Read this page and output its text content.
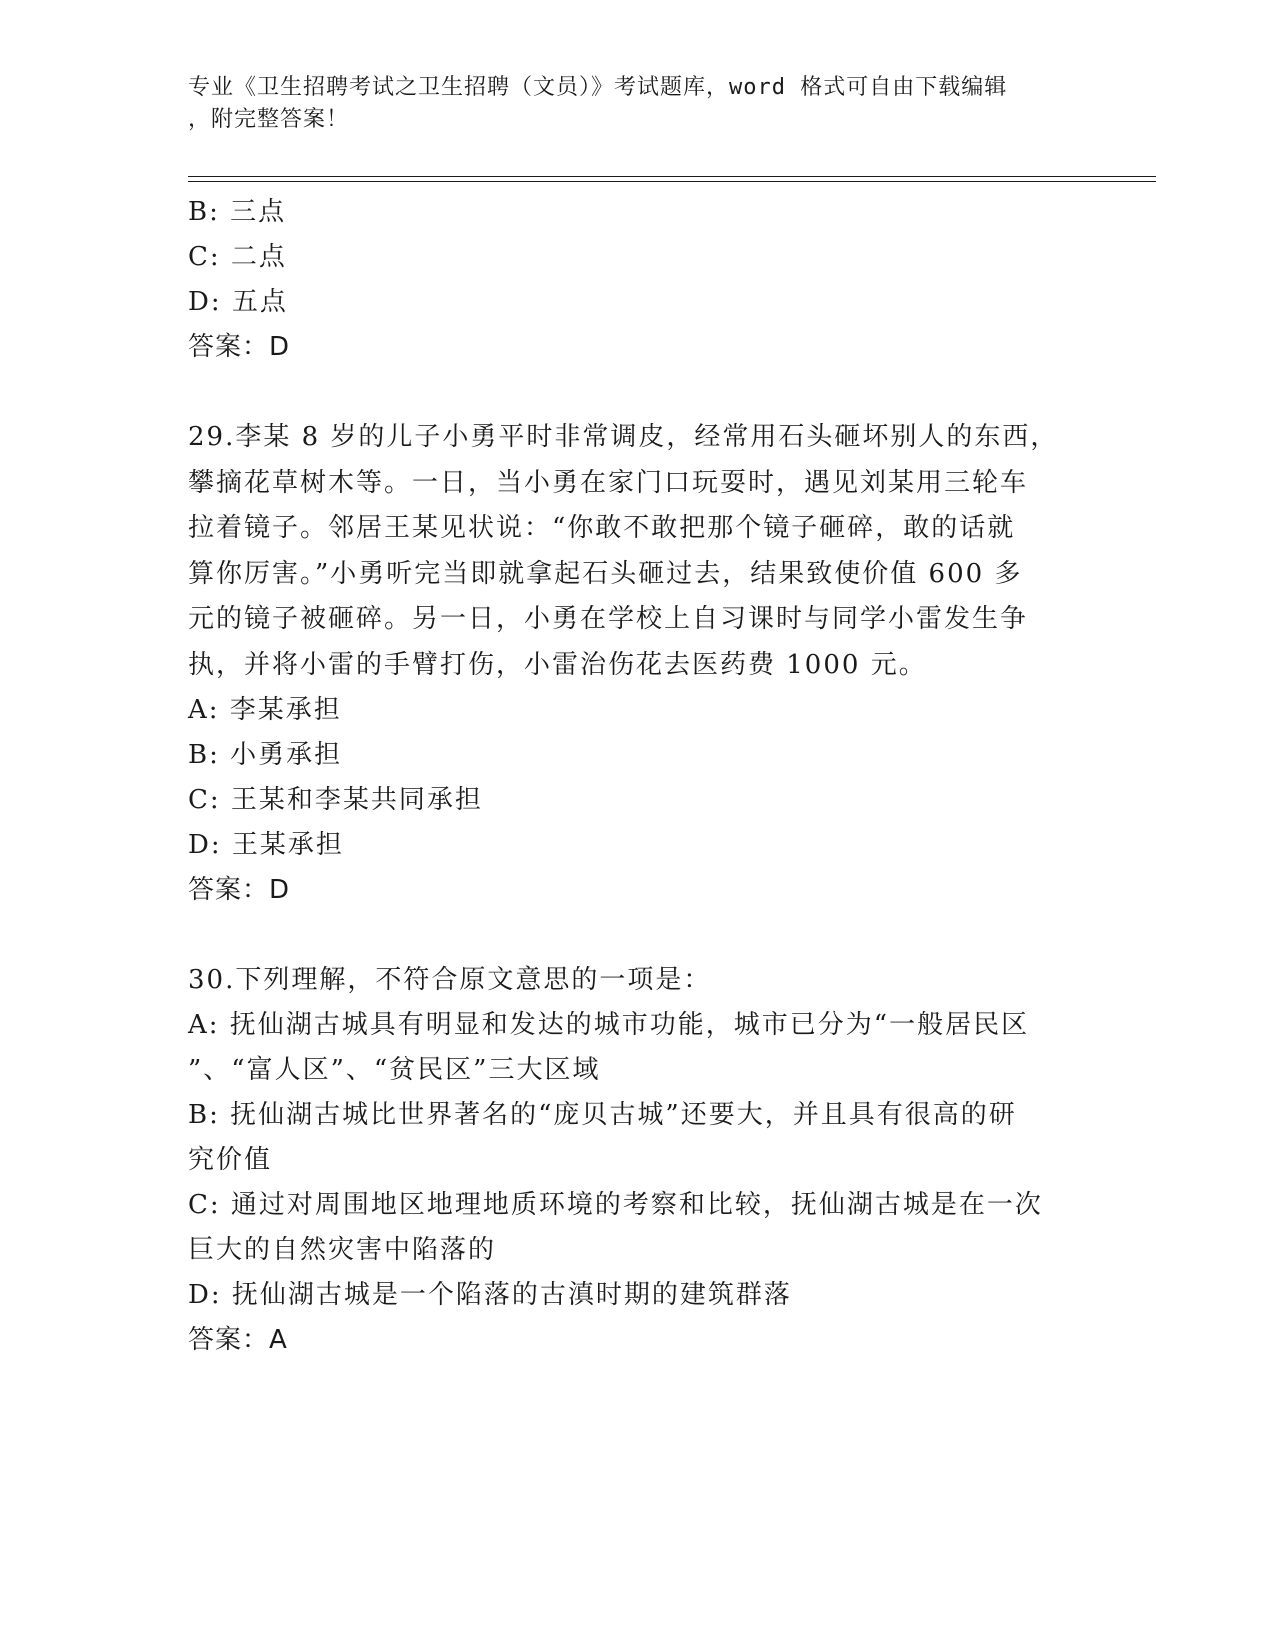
专业《卫生招聘考试之卫生招聘（文员）》考试题库，word 格式可自由下载编辑
，附完整答案！
B: 三点
C: 二点
D: 五点
答案：D
29.李某 8 岁的儿子小勇平时非常调皮，经常用石头砸坏别人的东西，
攀摘花草树木等。一日，当小勇在家门口玩耍时，遇见刘某用三轮车
拉着镜子。邻居王某见状说：“你敢不敢把那个镜子砸碎，敢的话就
算你厉害。”小勇听完当即就拿起石头砸过去，结果致使价值 600 多
元的镜子被砸碎。另一日，小勇在学校上自习课时与同学小雷发生争
执，并将小雷的手臂打伤，小雷治伤花去医药费 1000 元。
A: 李某承担
B: 小勇承担
C: 王某和李某共同承担
D: 王某承担
答案：D
30.下列理解，不符合原文意思的一项是：
A: 抚仙湖古城具有明显和发达的城市功能，城市已分为“一般居民区
”、“富人区”、“贫民区”三大区域
B: 抚仙湖古城比世界著名的“庞贝古城”还要大，并且具有很高的研
究价值
C: 通过对周围地区地理地质环境的考察和比较，抚仙湖古城是在一次
巨大的自然灾害中陷落的
D: 抚仙湖古城是一个陷落的古滇时期的建筑群落
答案：A
